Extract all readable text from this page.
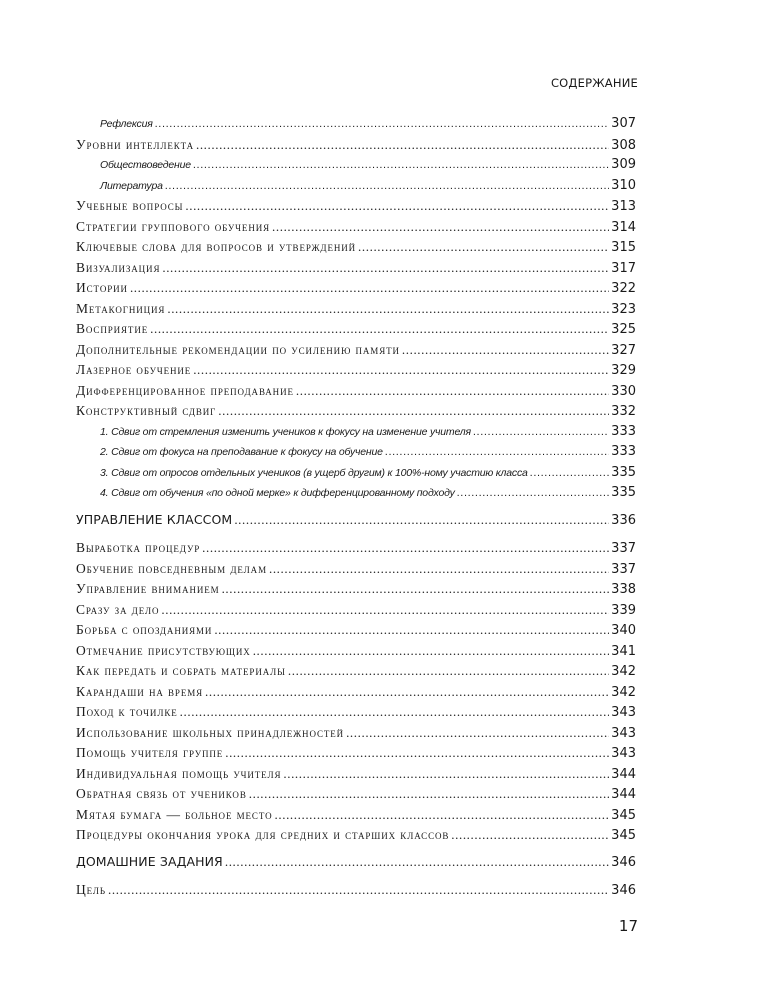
СОДЕРЖАНИЕ
Рефлексия .....	307
Уровни интеллекта .....	308
Обществоведение .....	309
Литература .....	310
Учебные вопросы .....	313
Стратегии группового обучения .....	314
Ключевые слова для вопросов и утверждений .....	315
Визуализация .....	317
Истории .....	322
Метакогниция .....	323
Восприятие .....	325
Дополнительные рекомендации по усилению памяти .....	327
Лазерное обучение .....	329
Дифференцированное преподавание .....	330
Конструктивный сдвиг .....	332
1. Сдвиг от стремления изменить учеников к фокусу на изменение учителя .....	333
2. Сдвиг от фокуса на преподавание к фокусу на обучение .....	333
3. Сдвиг от опросов отдельных учеников (в ущерб другим) к 100%-ному участию класса .....	335
4. Сдвиг от обучения «по одной мерке» к дифференцированному подходу .....	335
УПРАВЛЕНИЕ КЛАССОМ .....	336
Выработка процедур .....	337
Обучение повседневным делам .....	337
Управление вниманием .....	338
Сразу за дело .....	339
Борьба с опозданиями .....	340
Отмечание присутствующих .....	341
Как передать и собрать материалы .....	342
Карандаши на время .....	342
Поход к точилке .....	343
Использование школьных принадлежностей .....	343
Помощь учителя группе .....	343
Индивидуальная помощь учителя .....	344
Обратная связь от учеников .....	344
Мятая бумага — больное место .....	345
Процедуры окончания урока для средних и старших классов .....	345
ДОМАШНИЕ ЗАДАНИЯ .....	346
Цель .....	346
17
